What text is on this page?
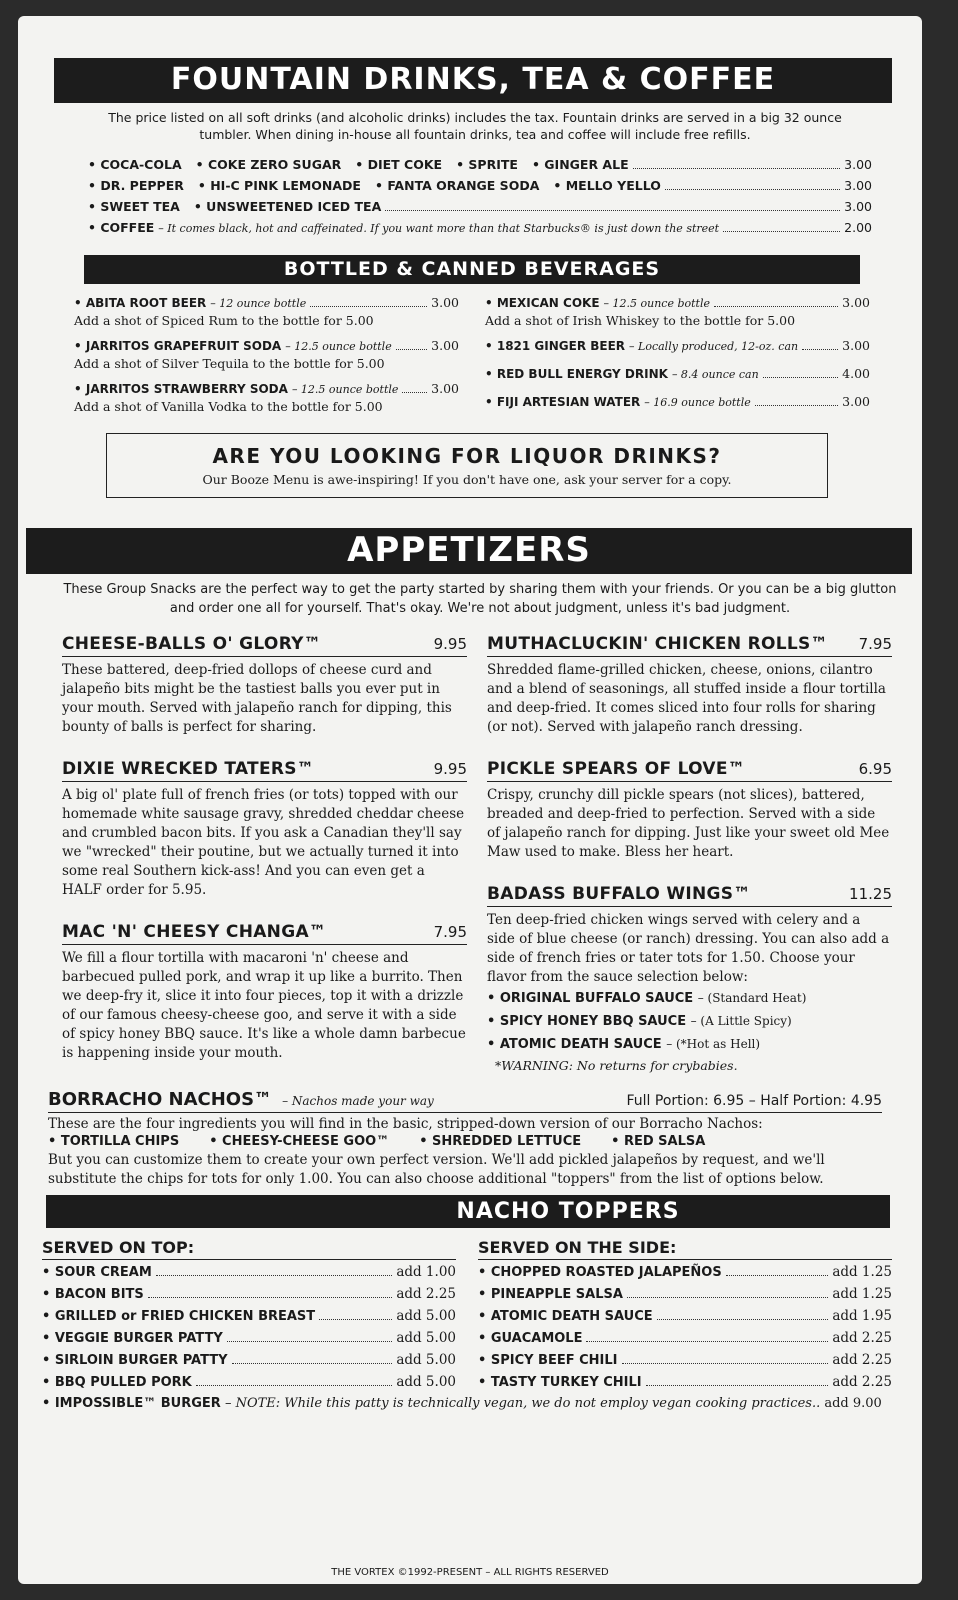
FOUNTAIN DRINKS, TEA & COFFEE
The price listed on all soft drinks (and alcoholic drinks) includes the tax. Fountain drinks are served in a big 32 ounce tumbler. When dining in-house all fountain drinks, tea and coffee will include free refills.
• COCA-COLA • COKE ZERO SUGAR • DIET COKE • SPRITE • GINGER ALE	3.00
• DR. PEPPER • HI-C PINK LEMONADE • FANTA ORANGE SODA • MELLO YELLO	3.00
• SWEET TEA • UNSWEETENED ICED TEA	3.00
• COFFEE – It comes black, hot and caffeinated. If you want more than that Starbucks® is just down the street	2.00
BOTTLED & CANNED BEVERAGES
• ABITA ROOT BEER – 12 ounce bottle	3.00
Add a shot of Spiced Rum to the bottle for 5.00
• JARRITOS GRAPEFRUIT SODA – 12.5 ounce bottle	3.00
Add a shot of Silver Tequila to the bottle for 5.00
• JARRITOS STRAWBERRY SODA – 12.5 ounce bottle	3.00
Add a shot of Vanilla Vodka to the bottle for 5.00
• MEXICAN COKE – 12.5 ounce bottle	3.00
Add a shot of Irish Whiskey to the bottle for 5.00
• 1821 GINGER BEER – Locally produced, 12-oz. can	3.00
• RED BULL ENERGY DRINK – 8.4 ounce can	4.00
• FIJI ARTESIAN WATER – 16.9 ounce bottle	3.00
ARE YOU LOOKING FOR LIQUOR DRINKS?

Our Booze Menu is awe-inspiring! If you don't have one, ask your server for a copy.

APPETIZERS
These Group Snacks are the perfect way to get the party started by sharing them with your friends. Or you can be a big glutton and order one all for yourself. That's okay. We're not about judgment, unless it's bad judgment.
CHEESE-BALLS O' GLORY™	9.95
These battered, deep-fried dollops of cheese curd and jalapeño bits might be the tastiest balls you ever put in your mouth. Served with jalapeño ranch for dipping, this bounty of balls is perfect for sharing.
DIXIE WRECKED TATERS™	9.95
A big ol' plate full of french fries (or tots) topped with our homemade white sausage gravy, shredded cheddar cheese and crumbled bacon bits. If you ask a Canadian they'll say we "wrecked" their poutine, but we actually turned it into some real Southern kick-ass! And you can even get a HALF order for 5.95.
MAC 'N' CHEESY CHANGA™	7.95
We fill a flour tortilla with macaroni 'n' cheese and barbecued pulled pork, and wrap it up like a burrito. Then we deep-fry it, slice it into four pieces, top it with a drizzle of our famous cheesy-cheese goo, and serve it with a side of spicy honey BBQ sauce. It's like a whole damn barbecue is happening inside your mouth.
MUTHACLUCKIN' CHICKEN ROLLS™ 7.95
Shredded flame-grilled chicken, cheese, onions, cilantro and a blend of seasonings, all stuffed inside a flour tortilla and deep-fried. It comes sliced into four rolls for sharing (or not). Served with jalapeño ranch dressing.
PICKLE SPEARS OF LOVE™	6.95
Crispy, crunchy dill pickle spears (not slices), battered, breaded and deep-fried to perfection. Served with a side of jalapeño ranch for dipping. Just like your sweet old Mee Maw used to make. Bless her heart.
BADASS BUFFALO WINGS™	11.25
Ten deep-fried chicken wings served with celery and a side of blue cheese (or ranch) dressing. You can also add a side of french fries or tater tots for 1.50. Choose your flavor from the sauce selection below:
• ORIGINAL BUFFALO SAUCE – (Standard Heat)
• SPICY HONEY BBQ SAUCE – (A Little Spicy)
• ATOMIC DEATH SAUCE – (*Hot as Hell)
*WARNING: No returns for crybabies.
BORRACHO NACHOS™ – Nachos made your way	Full Portion: 6.95 – Half Portion: 4.95
These are the four ingredients you will find in the basic, stripped-down version of our Borracho Nachos:
• TORTILLA CHIPS • CHEESY-CHEESE GOO™ • SHREDDED LETTUCE • RED SALSA
But you can customize them to create your own perfect version. We'll add pickled jalapeños by request, and we'll substitute the chips for tots for only 1.00. You can also choose additional "toppers" from the list of options below.
NACHO TOPPERS
SERVED ON TOP:
• SOUR CREAM	add 1.00
• BACON BITS	add 2.25
• GRILLED or FRIED CHICKEN BREAST	add 5.00
• VEGGIE BURGER PATTY	add 5.00
• SIRLOIN BURGER PATTY	add 5.00
• BBQ PULLED PORK	add 5.00
SERVED ON THE SIDE:
• CHOPPED ROASTED JALAPEÑOS	add 1.25
• PINEAPPLE SALSA	add 1.25
• ATOMIC DEATH SAUCE	add 1.95
• GUACAMOLE	add 2.25
• SPICY BEEF CHILI	add 2.25
• TASTY TURKEY CHILI	add 2.25
• IMPOSSIBLE™ BURGER – NOTE: While this patty is technically vegan, we do not employ vegan cooking practices.. add 9.00
THE VORTEX ©1992-PRESENT – ALL RIGHTS RESERVED
